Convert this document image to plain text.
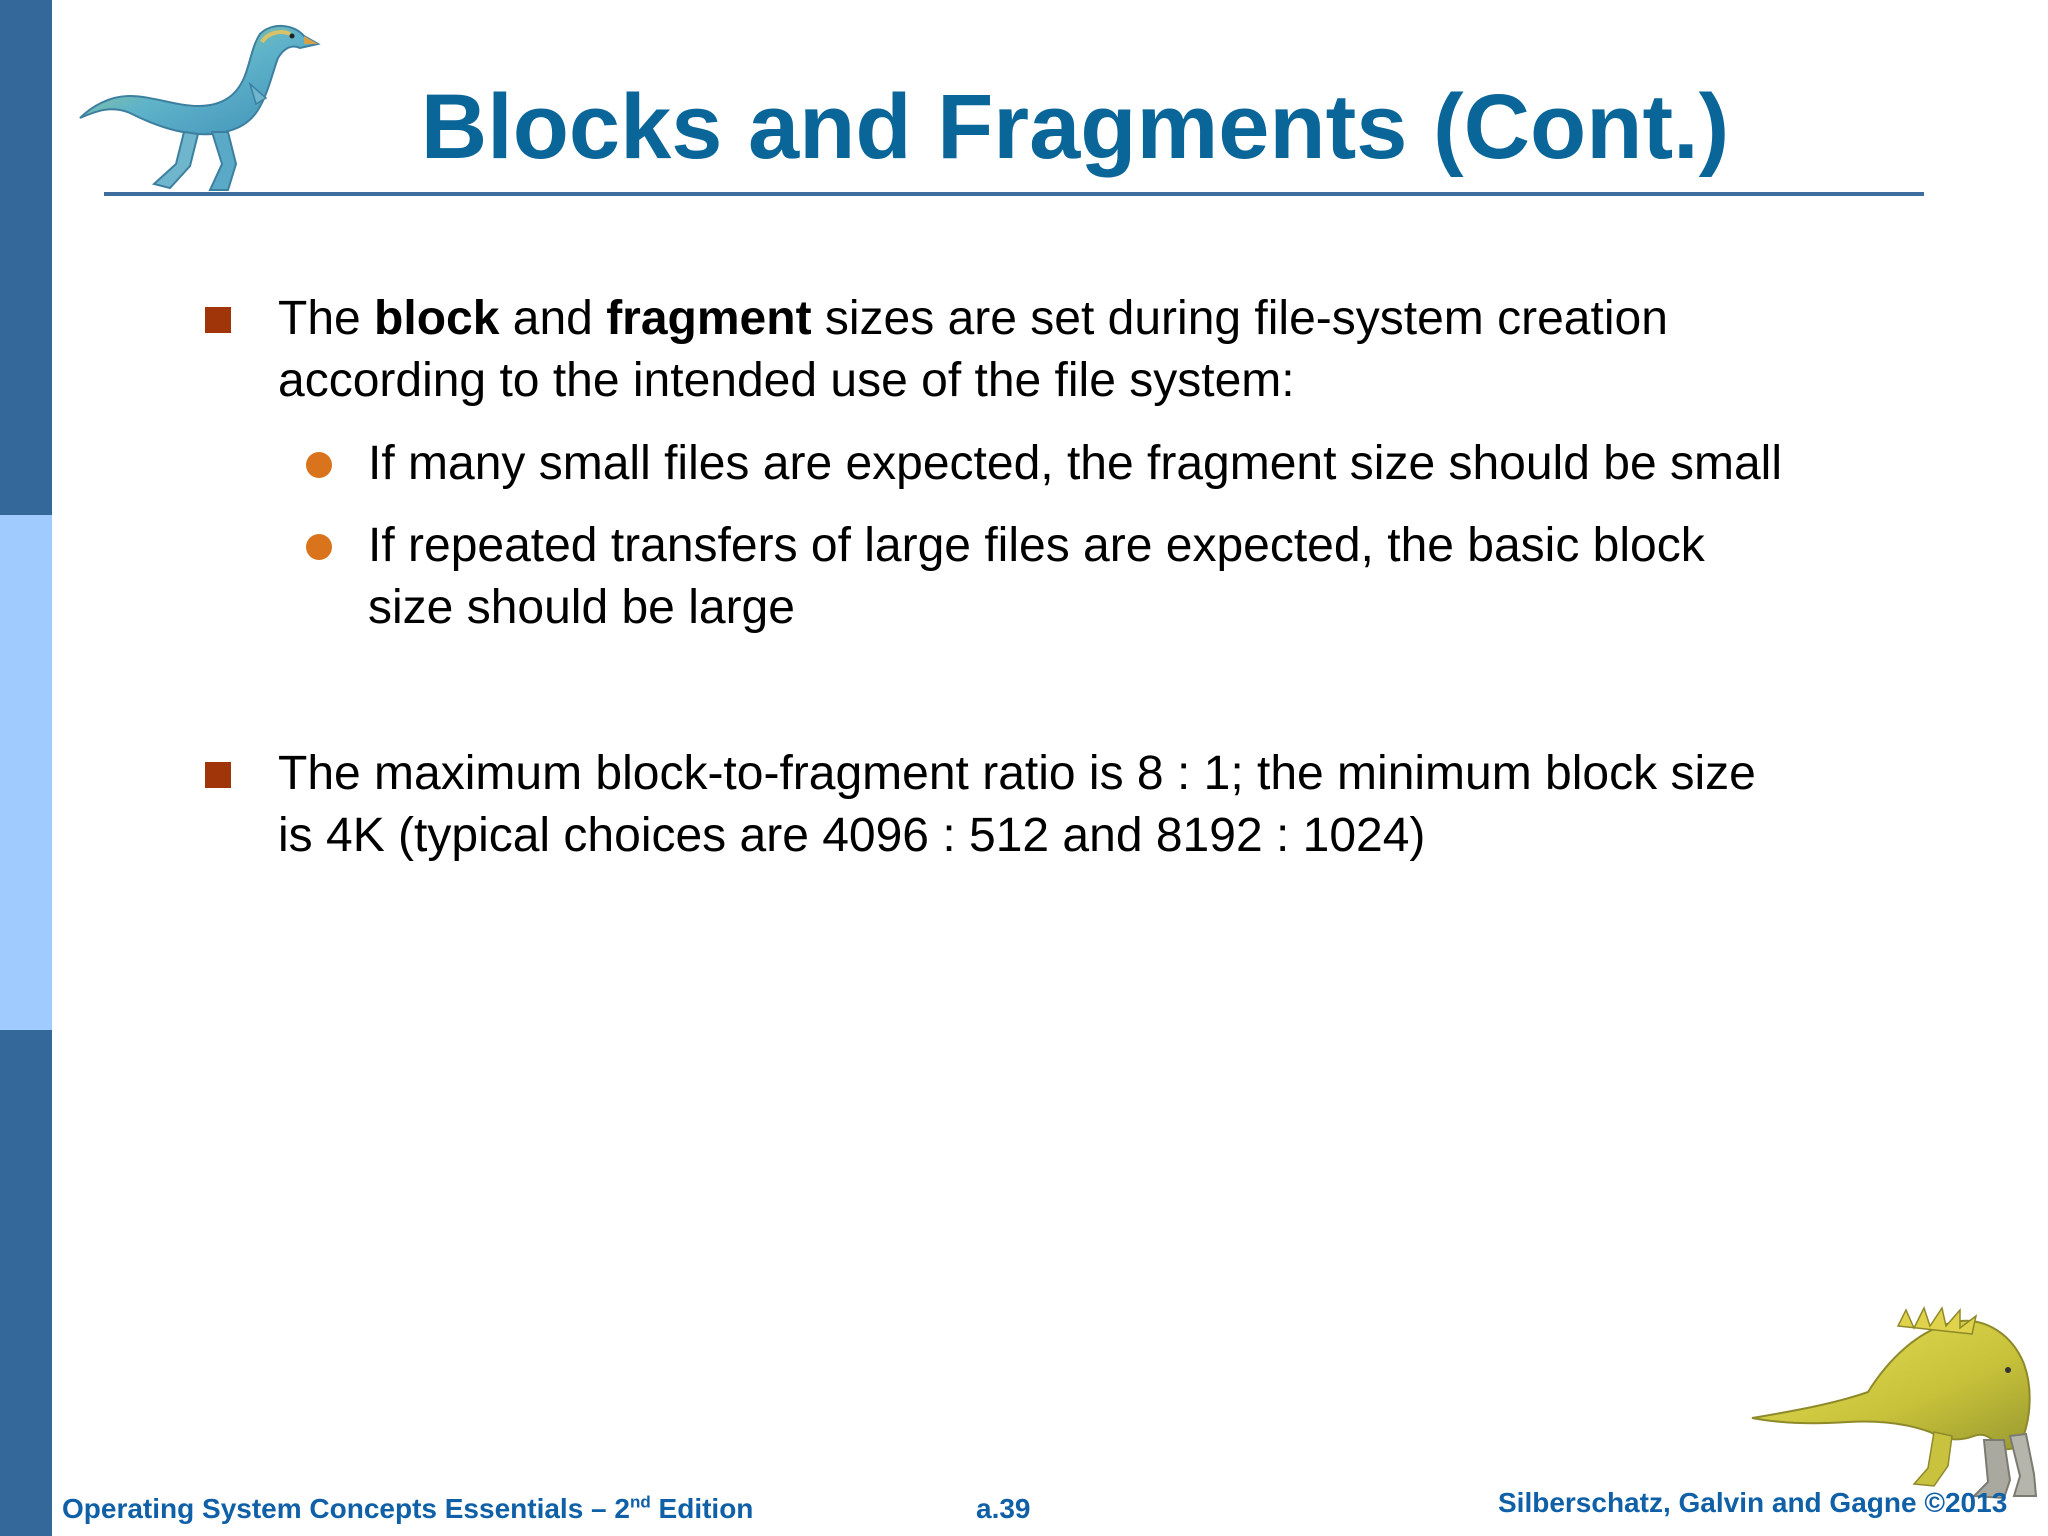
Blocks and Fragments (Cont.)
The block and fragment sizes are set during file-system creation
according to the intended use of the file system:
If many small files are expected, the fragment size should be small
If repeated transfers of large files are expected, the basic block
size should be large
The maximum block-to-fragment ratio is 8 : 1; the minimum block size
is 4K (typical choices are 4096 : 512 and 8192 : 1024)
Operating System Concepts Essentials – 2nd Edition	a.39	Silberschatz, Galvin and Gagne ©2013
